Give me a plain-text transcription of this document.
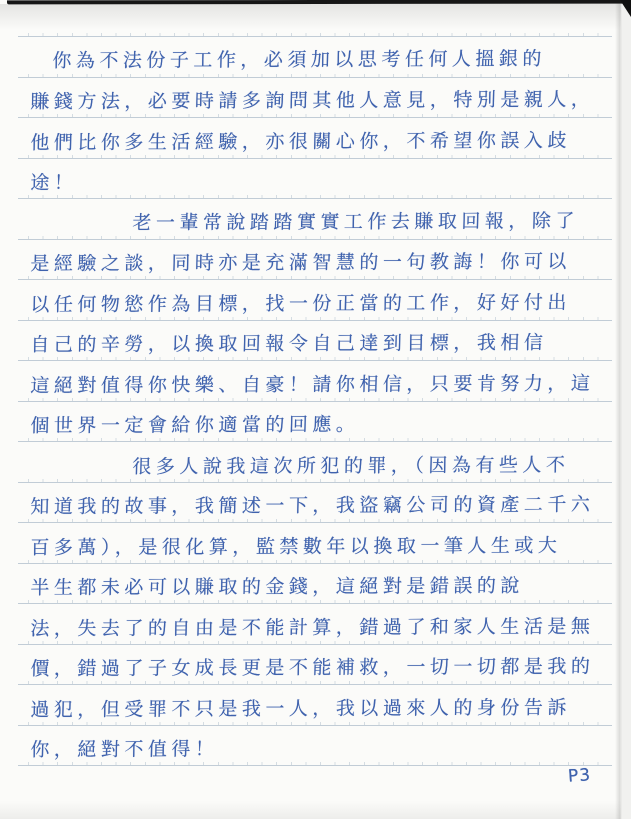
你為不法份子工作，必須加以思考任何人搵銀的
賺錢方法，必要時請多詢問其他人意見，特別是親人，
他們比你多生活經驗，亦很關心你，不希望你誤入歧
途！
老一輩常說踏踏實實工作去賺取回報，除了
是經驗之談，同時亦是充滿智慧的一句教誨！你可以
以任何物慾作為目標，找一份正當的工作，好好付出
自己的辛勞，以換取回報令自己達到目標，我相信
這絕對值得你快樂、自豪！請你相信，只要肯努力，這
個世界一定會給你適當的回應。
很多人說我這次所犯的罪，（因為有些人不
知道我的故事，我簡述一下，我盜竊公司的資產二千六
百多萬），是很化算，監禁數年以換取一筆人生或大
半生都未必可以賺取的金錢，這絕對是錯誤的說
法，失去了的自由是不能計算，錯過了和家人生活是無
價，錯過了子女成長更是不能補救，一切一切都是我的
過犯，但受罪不只是我一人，我以過來人的身份告訴
你，絕對不值得！
P3
